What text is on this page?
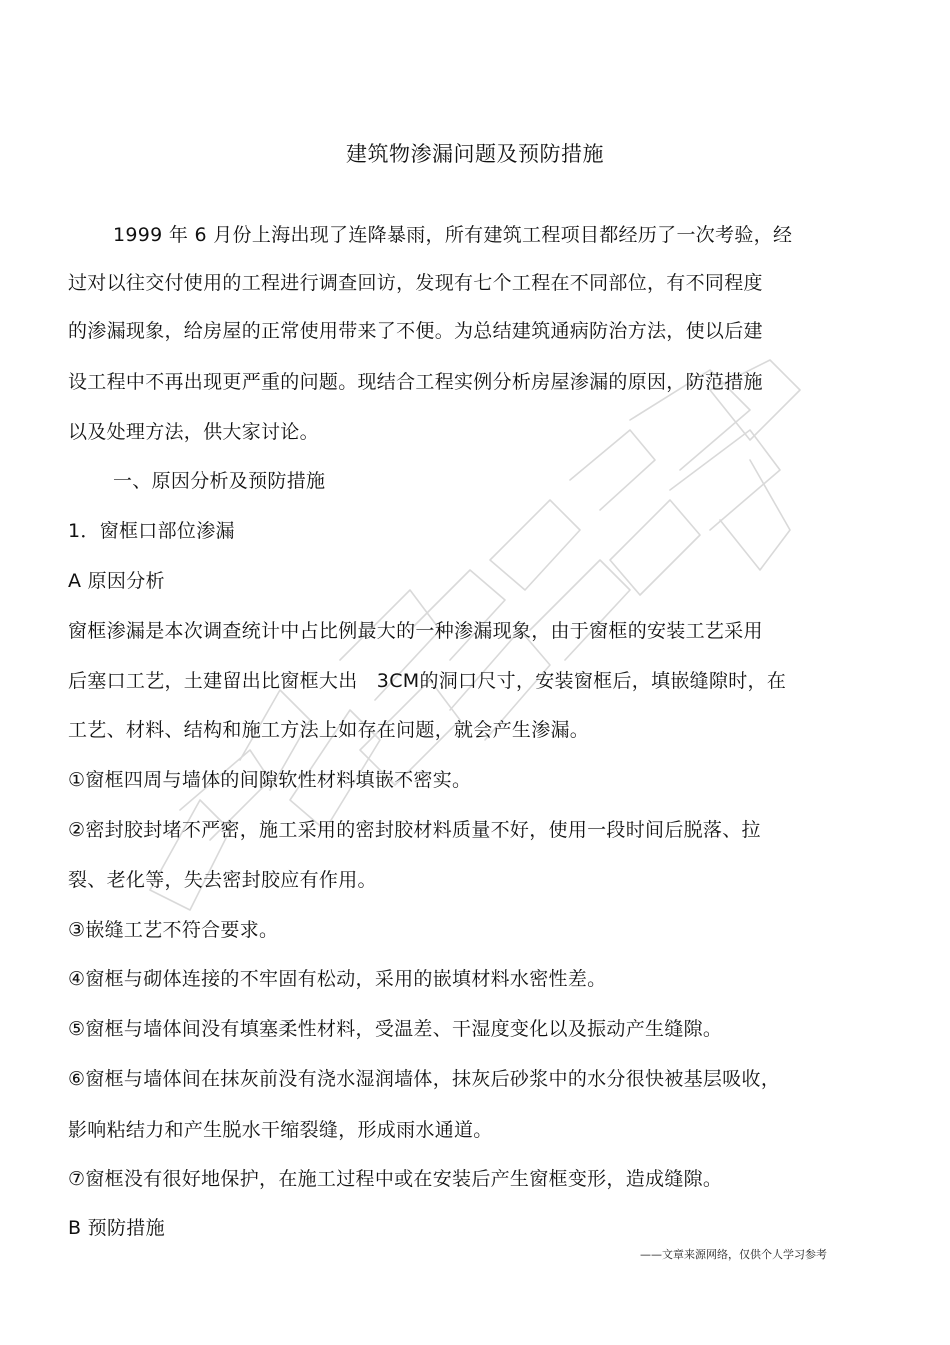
建筑物渗漏问题及预防措施
1999 年 6 月份上海出现了连降暴雨，所有建筑工程项目都经历了一次考验，经
过对以往交付使用的工程进行调查回访，发现有七个工程在不同部位，有不同程度
的渗漏现象，给房屋的正常使用带来了不便。为总结建筑通病防治方法，使以后建
设工程中不再出现更严重的问题。现结合工程实例分析房屋渗漏的原因，防范措施
以及处理方法，供大家讨论。
一、原因分析及预防措施
1．窗框口部位渗漏
A 原因分析
窗框渗漏是本次调查统计中占比例最大的一种渗漏现象，由于窗框的安装工艺采用
后塞口工艺，土建留出比窗框大出　3CM的洞口尺寸，安装窗框后，填嵌缝隙时，在
工艺、材料、结构和施工方法上如存在问题，就会产生渗漏。
①窗框四周与墙体的间隙软性材料填嵌不密实。
②密封胶封堵不严密，施工采用的密封胶材料质量不好，使用一段时间后脱落、拉
裂、老化等，失去密封胶应有作用。
③嵌缝工艺不符合要求。
④窗框与砌体连接的不牢固有松动，采用的嵌填材料水密性差。
⑤窗框与墙体间没有填塞柔性材料，受温差、干湿度变化以及振动产生缝隙。
⑥窗框与墙体间在抹灰前没有浇水湿润墙体，抹灰后砂浆中的水分很快被基层吸收，
影响粘结力和产生脱水干缩裂缝，形成雨水通道。
⑦窗框没有很好地保护，在施工过程中或在安装后产生窗框变形，造成缝隙。
B 预防措施
——文章来源网络，仅供个人学习参考
